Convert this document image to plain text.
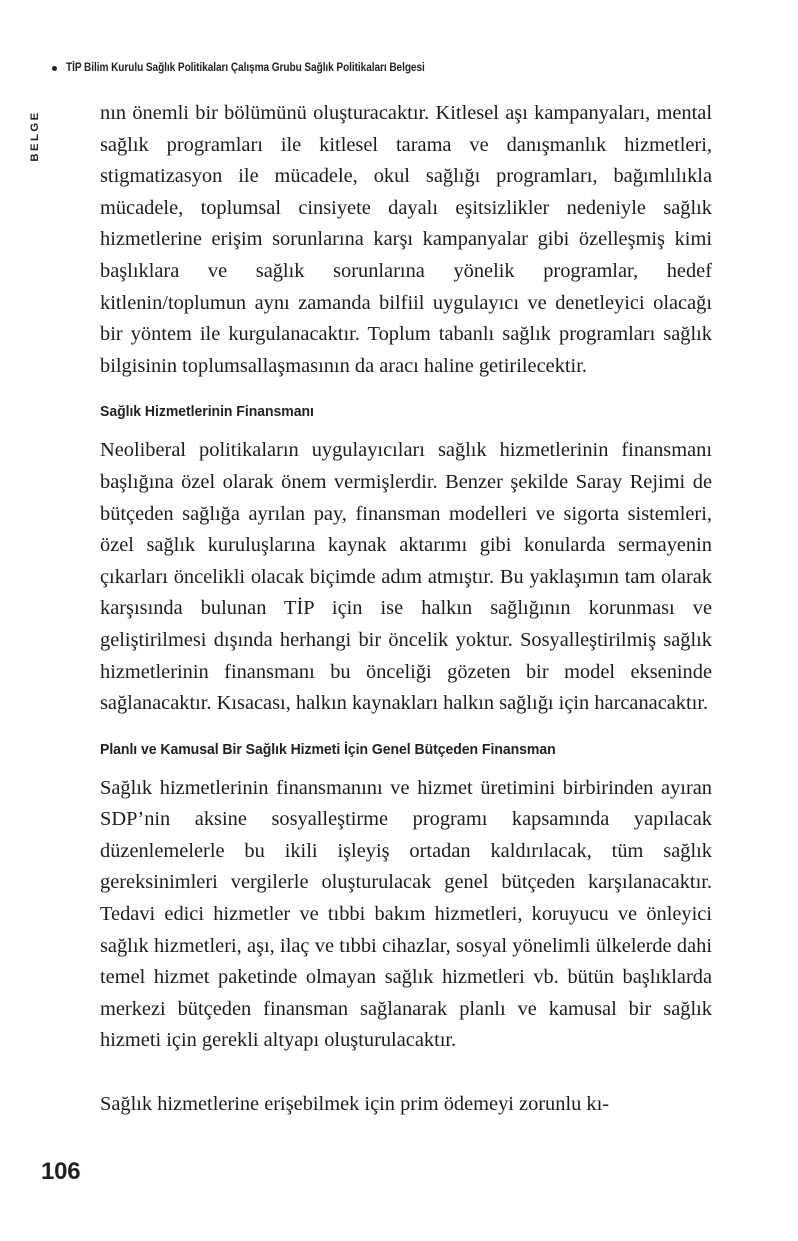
TİP Bilim Kurulu Sağlık Politikaları Çalışma Grubu Sağlık Politikaları Belgesi
BELGE	nın önemli bir bölümünü oluşturacaktır. Kitlesel aşı kampanyaları, mental sağlık programları ile kitlesel tarama ve danışmanlık hizmetleri, stigmatizasyon ile mücadele, okul sağlığı programları, bağımlılıkla mücadele, toplumsal cinsiyete dayalı eşitsizlikler nedeniyle sağlık hizmetlerine erişim sorunlarına karşı kampanyalar gibi özelleşmiş kimi başlıklara ve sağlık sorunlarına yönelik programlar, hedef kitlenin/toplumun aynı zamanda bilfiil uygulayıcı ve denetleyici olacağı bir yöntem ile kurgulanacaktır. Toplum tabanlı sağlık programları sağlık bilgisinin toplumsallaşmasının da aracı haline getirilecektir.

Sağlık Hizmetlerinin Finansmanı

Neoliberal politikaların uygulayıcıları sağlık hizmetlerinin finansmanı başlığına özel olarak önem vermişlerdir. Benzer şekilde Saray Rejimi de bütçeden sağlığa ayrılan pay, finansman modelleri ve sigorta sistemleri, özel sağlık kuruluşlarına kaynak aktarımı gibi konularda sermayenin çıkarları öncelikli olacak biçimde adım atmıştır. Bu yaklaşımın tam olarak karşısında bulunan TİP için ise halkın sağlığının korunması ve geliştirilmesi dışında herhangi bir öncelik yoktur. Sosyalleştirilmiş sağlık hizmetlerinin finansmanı bu önceliği gözeten bir model ekseninde sağlanacaktır. Kısacası, halkın kaynakları halkın sağlığı için harcanacaktır.

Planlı ve Kamusal Bir Sağlık Hizmeti İçin Genel Bütçeden Finansman

Sağlık hizmetlerinin finansmanını ve hizmet üretimini birbirinden ayıran SDP’nin aksine sosyalleştirme programı kapsamında yapılacak düzenlemelerle bu ikili işleyiş ortadan kaldırılacak, tüm sağlık gereksinimleri vergilerle oluşturulacak genel bütçeden karşılanacaktır. Tedavi edici hizmetler ve tıbbi bakım hizmetleri, koruyucu ve önleyici sağlık hizmetleri, aşı, ilaç ve tıbbi cihazlar, sosyal yönelimli ülkelerde dahi temel hizmet paketinde olmayan sağlık hizmetleri vb. bütün başlıklarda merkezi bütçeden finansman sağlanarak planlı ve kamusal bir sağlık hizmeti için gerekli altyapı oluşturulacaktır.

Sağlık hizmetlerine erişebilmek için prim ödemeyi zorunlu kı-

106
